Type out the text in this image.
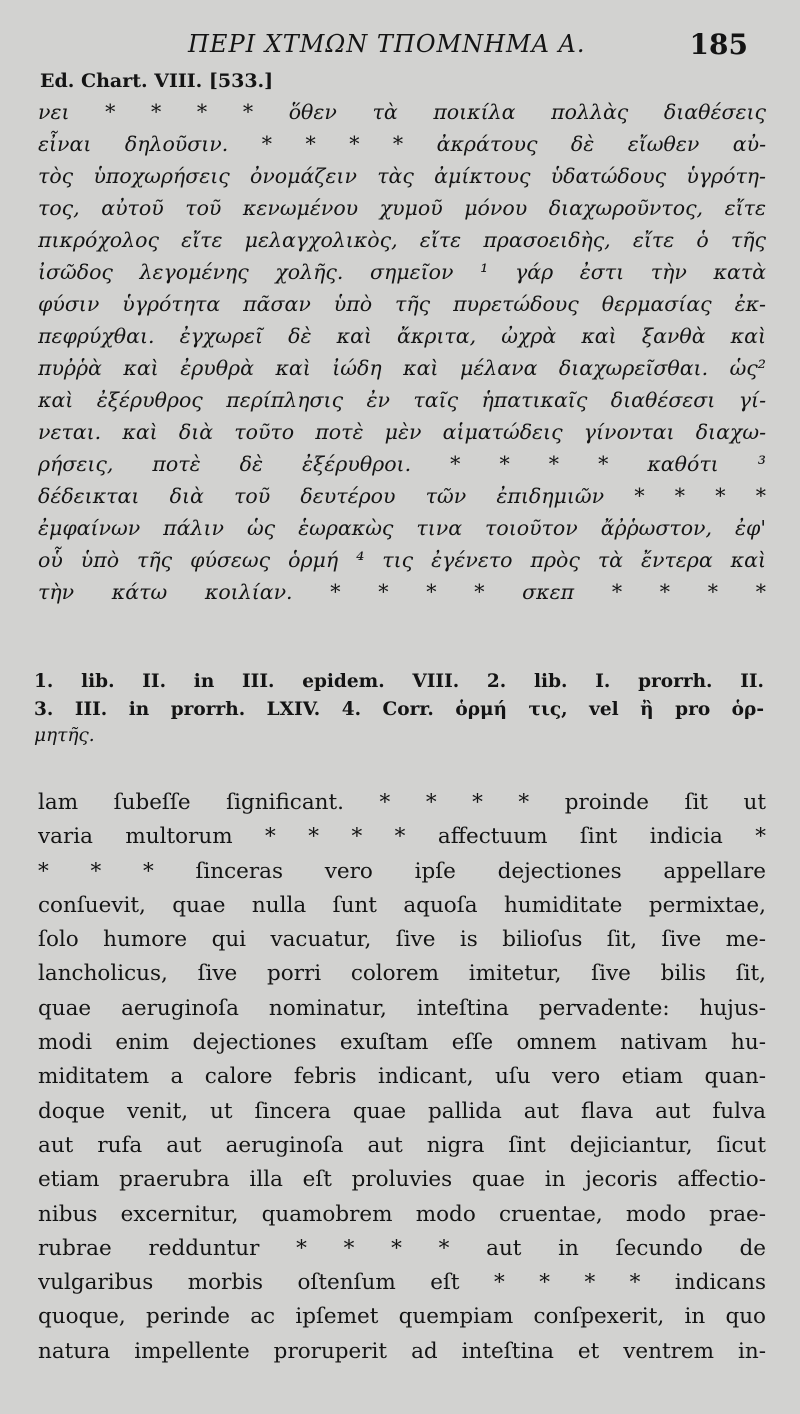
ΠΕΡΙ ΧΤΜΩΝ ΤΠΟΜΝΗΜΑ Α.	185
Ed. Chart. VIII. [533.]
νει * * * * ὅθεν τὰ ποικίλα πολλὰς διαθέσεις
εἶναι δηλοῦσιν. * * * * ἀκράτους δὲ εἴωθεν αὐ-
τὸς ὑποχωρήσεις ὀνομάζειν τὰς ἀμίκτους ὑδατώδους ὑγρότη-
τος, αὐτοῦ τοῦ κενωμένου χυμοῦ μόνου διαχωροῦντος, εἴτε
πικρόχολος εἴτε μελαγχολικὸς, εἴτε πρασοειδὴς, εἴτε ὁ τῆς
ἰσῶδος λεγομένης χολῆς. σημεῖον ¹ γάρ ἐστι τὴν κατὰ
φύσιν ὑγρότητα πᾶσαν ὑπὸ τῆς πυρετώδους θερμασίας ἐκ-
πεφρύχθαι. ἐγχωρεῖ δὲ καὶ ἄκριτα, ὠχρὰ καὶ ξανθὰ καὶ
πυῤῥὰ καὶ ἐρυθρὰ καὶ ἰώδη καὶ μέλανα διαχωρεῖσθαι. ὡς²
καὶ ἐξέρυθρος περίπλησις ἐν ταῖς ἡπατικαῖς διαθέσεσι γί-
νεται. καὶ διὰ τοῦτο ποτὲ μὲν αἱματώδεις γίνονται διαχω-
ρήσεις, ποτὲ δὲ ἐξέρυθροι. * * * * καθότι ³
δέδεικται διὰ τοῦ δευτέρου τῶν ἐπιδημιῶν * * * *
ἐμφαίνων πάλιν ὡς ἑωρακὼς τινα τοιοῦτον ἄῤῥωστον, ἐφ'
οὗ ὑπὸ τῆς φύσεως ὁρμή ⁴ τις ἐγένετο πρὸς τὰ ἔντερα καὶ
τὴν κάτω κοιλίαν. * * * * σκεπ * * * *
1. lib. II. in III. epidem. VIII. 2. lib. I. prorrh. II.
3. III. in prorrh. LXIV. 4. Corr. ὁρμή τις, vel ἢ pro ὁρ-
μητῆς.
lam ſubeſſe ſignificant. * * * * proinde ſit ut
varia multorum * * * * affectuum ſint indicia *
* * * ſinceras vero ipſe dejectiones appellare
conſuevit, quae nulla ſunt aquoſa humiditate permixtae,
ſolo humore qui vacuatur, ſive is bilioſus ſit, ſive me-
lancholicus, ſive porri colorem imitetur, ſive bilis ſit,
quae aeruginoſa nominatur, inteſtina pervadente: hujus-
modi enim dejectiones exuſtam eſſe omnem nativam hu-
miditatem a calore febris indicant, uſu vero etiam quan-
doque venit, ut ſincera quae pallida aut flava aut fulva
aut rufa aut aeruginoſa aut nigra ſint dejiciantur, ſicut
etiam praerubra illa eſt proluvies quae in jecoris affectio-
nibus excernitur, quamobrem modo cruentae, modo prae-
rubrae redduntur * * * * aut in ſecundo de
vulgaribus morbis oſtenſum eſt * * * * indicans
quoque, perinde ac ipſemet quempiam conſpexerit, in quo
natura impellente proruperit ad inteſtina et ventrem in-
